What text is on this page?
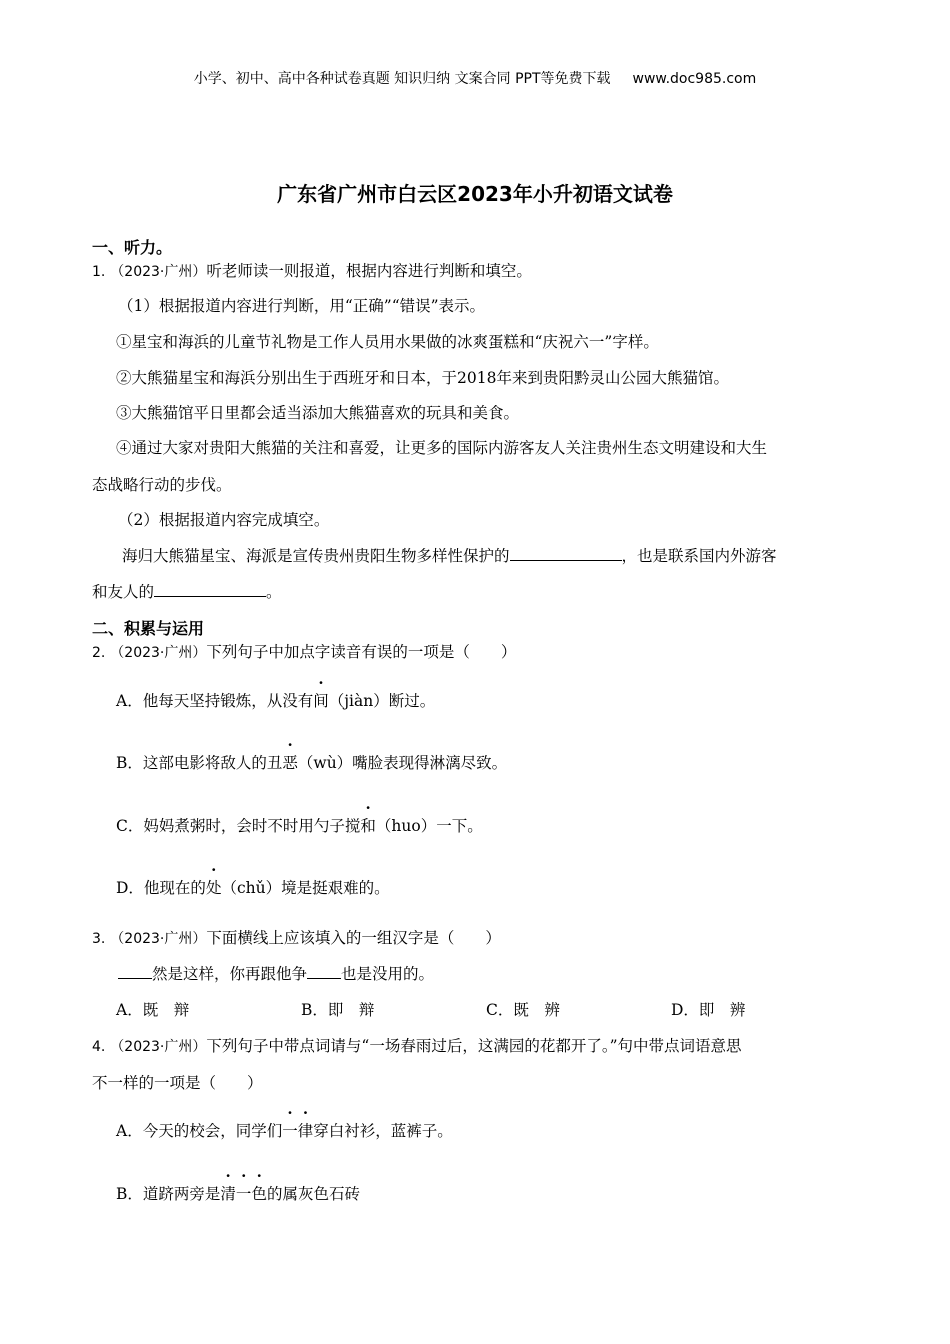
小学、初中、高中各种试卷真题 知识归纳 文案合同 PPT等免费下载 www.doc985.com
广东省广州市白云区2023年小升初语文试卷
一、听力。
1. （2023·广州）听老师读一则报道，根据内容进行判断和填空。
（1）根据报道内容进行判断，用“正确”“错误”表示。
①星宝和海浜的儿童节礼物是工作人员用水果做的冰爽蛋糕和“庆祝六一”字样。
②大熊猫星宝和海浜分别出生于西班牙和日本，于2018年来到贵阳黔灵山公园大熊猫馆。
③大熊猫馆平日里都会适当添加大熊猫喜欢的玩具和美食。
④通过大家对贵阳大熊猫的关注和喜爱，让更多的国际内游客友人关注贵州生态文明建设和大生
态战略行动的步伐。
（2）根据报道内容完成填空。
海归大熊猫星宝、海派是宣传贵州贵阳生物多样性保护的	，也是联系国内外游客
和友人的	。
二、积累与运用
2. （2023·广州）下列句子中加点字读音有误的一项是（　　）
A．他每天坚持锻炼，从没有间（jiàn）断过。
B．这部电影将敌人的丑恶（wù）嘴脸表现得淋漓尽致。
C．妈妈煮粥时，会时不时用勺子搅和（huo）一下。
D．他现在的处（chǔ）境是挺艰难的。
3. （2023·广州）下面横线上应该填入的一组汉字是（　　）
然是这样，你再跟他争 也是没用的。
A．既　辩	B．即　辩	C．既　辨	D．即　辨
4. （2023·广州）下列句子中带点词请与“一场春雨过后，这满园的花都开了。”句中带点词语意思
不一样的一项是（　　）
A．今天的校会，同学们一律穿白衬衫，蓝裤子。
B．道跻两旁是清一色的属灰色石砖
